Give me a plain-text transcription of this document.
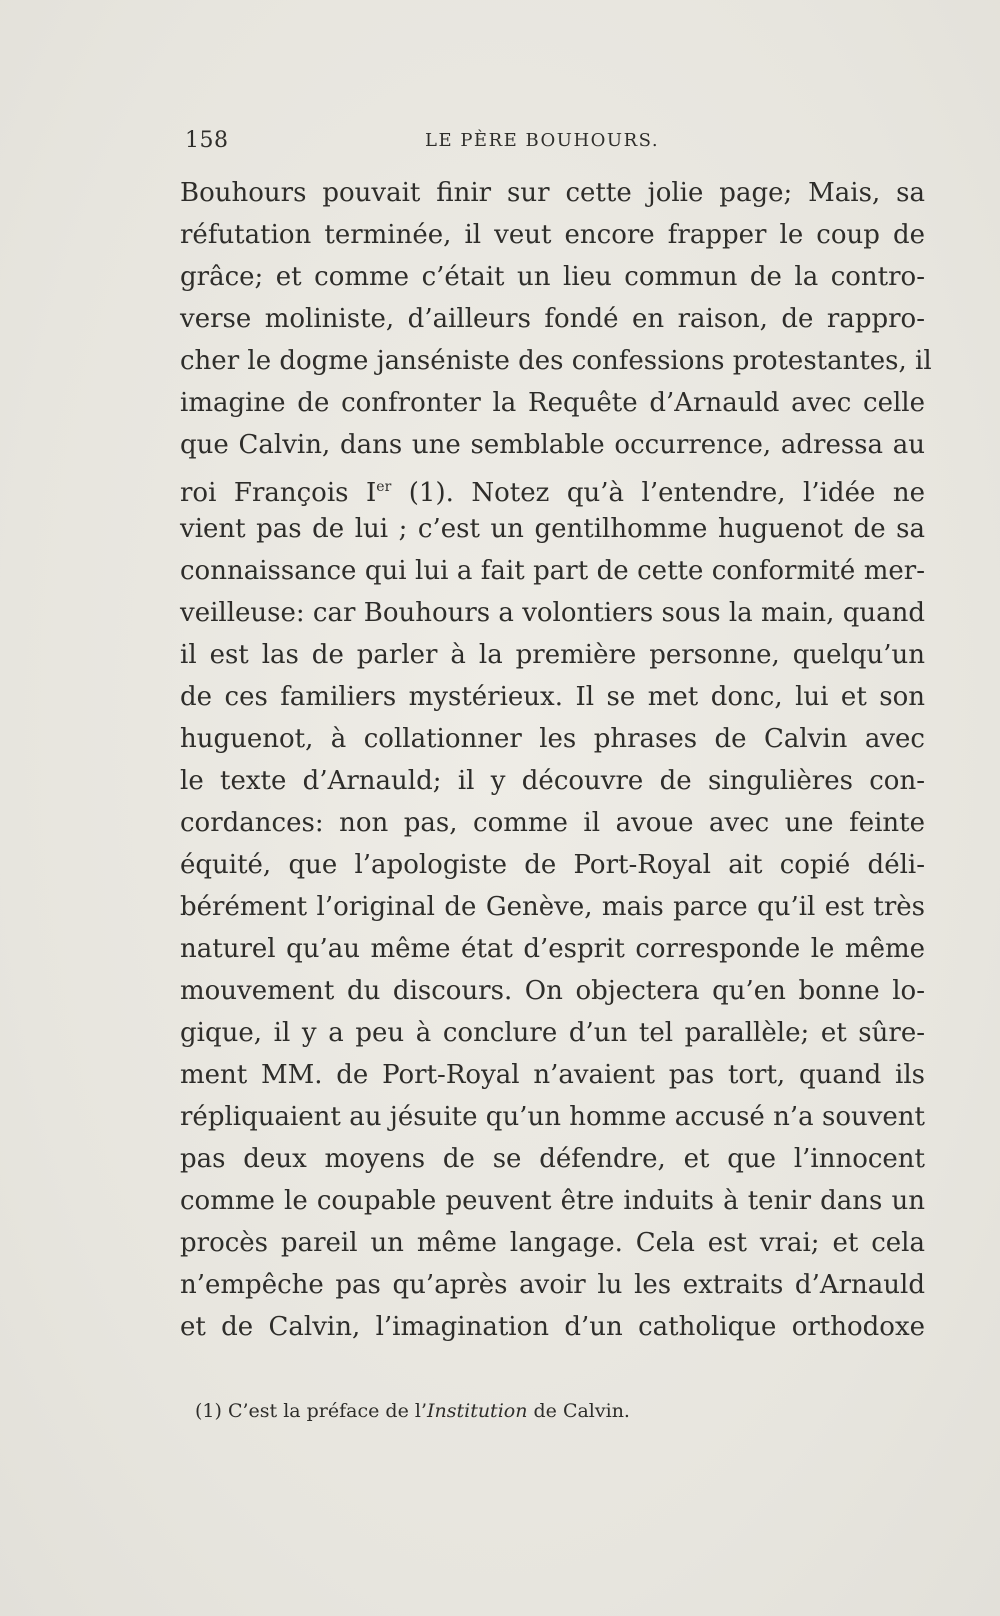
158	LE PÈRE BOUHOURS.
Bouhours pouvait finir sur cette jolie page; Mais, sa
réfutation terminée, il veut encore frapper le coup de
grâce; et comme c’était un lieu commun de la contro-
verse moliniste, d’ailleurs fondé en raison, de rappro-
cher le dogme janséniste des confessions protestantes, il
imagine de confronter la Requête d’Arnauld avec celle
que Calvin, dans une semblable occurrence, adressa au
roi François Ier (1). Notez qu’à l’entendre, l’idée ne
vient pas de lui ; c’est un gentilhomme huguenot de sa
connaissance qui lui a fait part de cette conformité mer-
veilleuse: car Bouhours a volontiers sous la main, quand
il est las de parler à la première personne, quelqu’un
de ces familiers mystérieux. Il se met donc, lui et son
huguenot, à collationner les phrases de Calvin avec
le texte d’Arnauld; il y découvre de singulières con-
cordances: non pas, comme il avoue avec une feinte
équité, que l’apologiste de Port-Royal ait copié déli-
bérément l’original de Genève, mais parce qu’il est très
naturel qu’au même état d’esprit corresponde le même
mouvement du discours. On objectera qu’en bonne lo-
gique, il y a peu à conclure d’un tel parallèle; et sûre-
ment MM. de Port-Royal n’avaient pas tort, quand ils
répliquaient au jésuite qu’un homme accusé n’a souvent
pas deux moyens de se défendre, et que l’innocent
comme le coupable peuvent être induits à tenir dans un
procès pareil un même langage. Cela est vrai; et cela
n’empêche pas qu’après avoir lu les extraits d’Arnauld
et de Calvin, l’imagination d’un catholique orthodoxe
(1) C’est la préface de l’Institution de Calvin.
